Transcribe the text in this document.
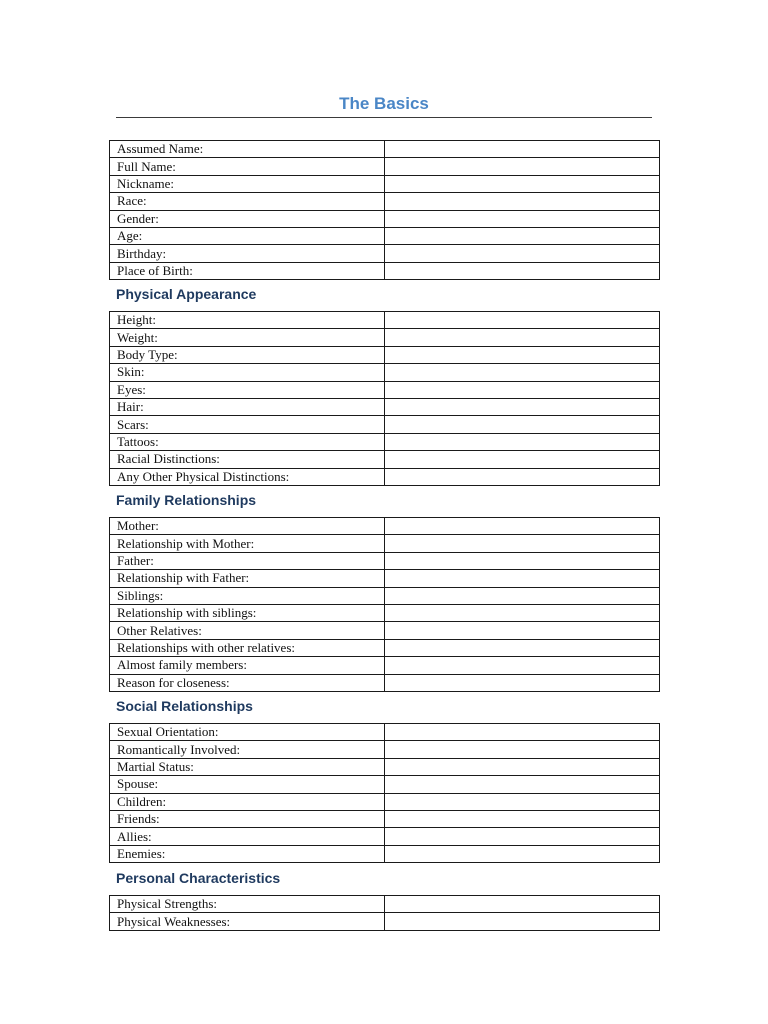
The Basics
Assumed Name:	
Full Name:	
Nickname:	
Race:	
Gender:	
Age:	
Birthday:	
Place of Birth:	
Physical Appearance
Height:	
Weight:	
Body Type:	
Skin:	
Eyes:	
Hair:	
Scars:	
Tattoos:	
Racial Distinctions:	
Any Other Physical Distinctions:	
Family Relationships
Mother:	
Relationship with Mother:	
Father:	
Relationship with Father:	
Siblings:	
Relationship with siblings:	
Other Relatives:	
Relationships with other relatives:	
Almost family members:	
Reason for closeness:	
Social Relationships
Sexual Orientation:	
Romantically Involved:	
Martial Status:	
Spouse:	
Children:	
Friends:	
Allies:	
Enemies:	
Personal Characteristics
Physical Strengths:	
Physical Weaknesses:	
